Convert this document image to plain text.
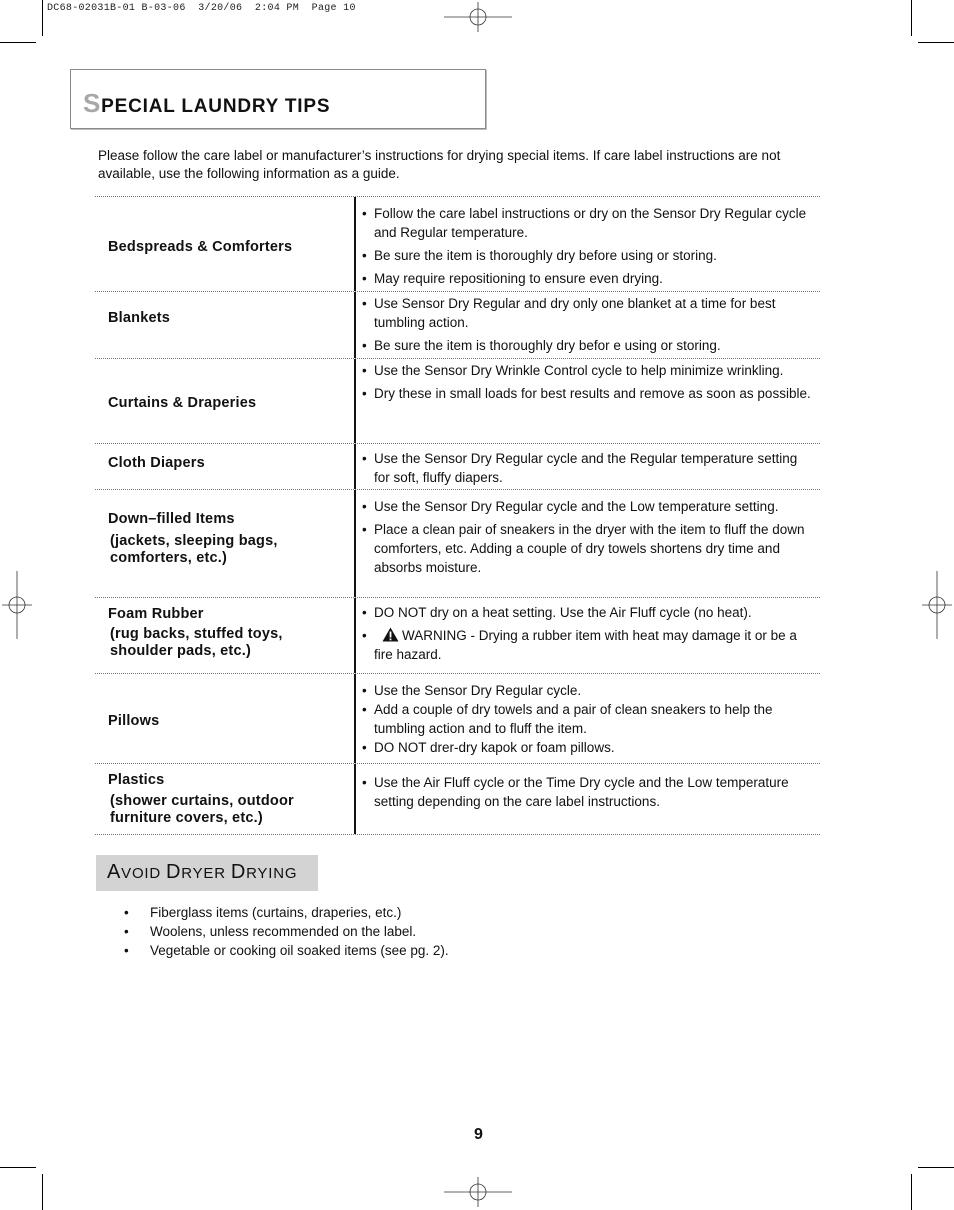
DC68-02031B-01 B-03-06  3/20/06  2:04 PM  Page 10
SPECIAL LAUNDRY TIPS
Please follow the care label or manufacturer’s instructions for drying special items. If care label instructions are not available, use the following information as a guide.
Bedspreads & Comforters
• Follow the care label instructions or dry on the Sensor Dry Regular cycle and Regular temperature.
• Be sure the item is thoroughly dry before using or storing.
• May require repositioning to ensure even drying.
Blankets
• Use Sensor Dry Regular and dry only one blanket at a time for best tumbling action.
• Be sure the item is thoroughly dry befor e using or storing.
Curtains & Draperies
• Use the Sensor Dry Wrinkle Control cycle to help minimize wrinkling.
• Dry these in small loads for best results and remove as soon as possible.
Cloth Diapers	• Use the Sensor Dry Regular cycle and the Regular temperature setting for soft, fluffy diapers.
Down–filled Items
(jackets, sleeping bags, comforters, etc.)
• Use the Sensor Dry Regular cycle and the Low temperature setting.
• Place a clean pair of sneakers in the dryer with the item to fluff the down comforters, etc. Adding a couple of dry towels shortens dry time and absorbs moisture.
Foam Rubber
(rug backs, stuffed toys, shoulder pads, etc.)
• DO NOT dry on a heat setting. Use the Air Fluff cycle (no heat).
•	WARNING - Drying a rubber item with heat may damage it or be a fire hazard.
Pillows
• Use the Sensor Dry Regular cycle.
• Add a couple of dry towels and a pair of clean sneakers to help the tumbling action and to fluff the item.
• DO NOT drer-dry kapok or foam pillows.
Plastics
(shower curtains, outdoor furniture covers, etc.)
• Use the Air Fluff cycle or the Time Dry cycle and the Low temperature setting depending on the care label instructions.
AVOID DRYER DRYING
• Fiberglass items (curtains, draperies, etc.)
• Woolens, unless recommended on the label.
• Vegetable or cooking oil soaked items (see pg. 2).
9
